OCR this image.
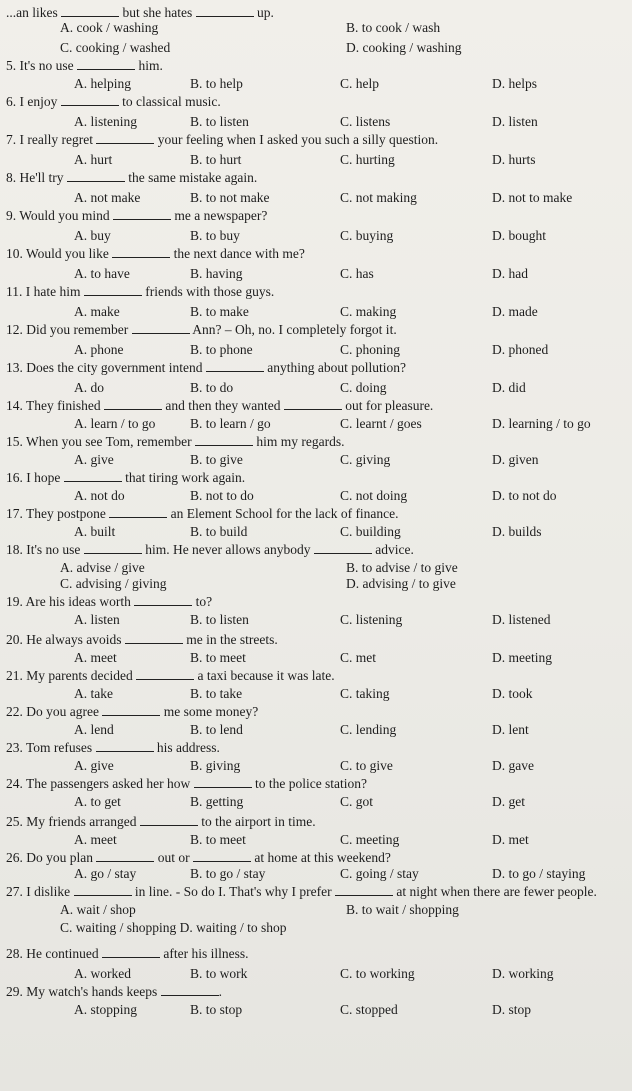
...an likes	but she hates	up.
A. cook / washing	B. to cook / wash
C. cooking / washed	D. cooking / washing
5. It's no use	him.
A. helping	B. to help	C. help	D. helps
6. I enjoy	to classical music.
A. listening	B. to listen	C. listens	D. listen
7. I really regret	your feeling when I asked you such a silly question.
A. hurt	B. to hurt	C. hurting	D. hurts
8. He'll try	the same mistake again.
A. not make	B. to not make	C. not making	D. not to make
9. Would you mind	me a newspaper?
A. buy	B. to buy	C. buying	D. bought
10. Would you like	the next dance with me?
A. to have	B. having	C. has	D. had
11. I hate him	friends with those guys.
A. make	B. to make	C. making	D. made
12. Did you remember	Ann? – Oh, no. I completely forgot it.
A. phone	B. to phone	C. phoning	D. phoned
13. Does the city government intend	anything about pollution?
A. do	B. to do	C. doing	D. did
14. They finished	and then they wanted	out for pleasure.
A. learn / to go	B. to learn / go	C. learnt / goes	D. learning / to go
15. When you see Tom, remember	him my regards.
A. give	B. to give	C. giving	D. given
16. I hope	that tiring work again.
A. not do	B. not to do	C. not doing	D. to not do
17. They postpone	an Element School for the lack of finance.
A. built	B. to build	C. building	D. builds
18. It's no use	him. He never allows anybody	advice.
A. advise / give	B. to advise / to give
C. advising / giving	D. advising / to give
19. Are his ideas worth	to?
A. listen	B. to listen	C. listening	D. listened
20. He always avoids	me in the streets.
A. meet	B. to meet	C. met	D. meeting
21. My parents decided	a taxi because it was late.
A. take	B. to take	C. taking	D. took
22. Do you agree	me some money?
A. lend	B. to lend	C. lending	D. lent
23. Tom refuses	his address.
A. give	B. giving	C. to give	D. gave
24. The passengers asked her how	to the police station?
A. to get	B. getting	C. got	D. get
25. My friends arranged	to the airport in time.
A. meet	B. to meet	C. meeting	D. met
26. Do you plan	out or	at home at this weekend?
A. go / stay	B. to go / stay	C. going / stay	D. to go / staying
27. I dislike	in line. - So do I. That's why I prefer	at night when there are fewer people.
A. wait / shop	B. to wait / shopping
C. waiting / shopping D. waiting / to shop
28. He continued	after his illness.
A. worked	B. to work	C. to working	D. working
29. My watch's hands keeps	.
A. stopping	B. to stop	C. stopped	D. stop
